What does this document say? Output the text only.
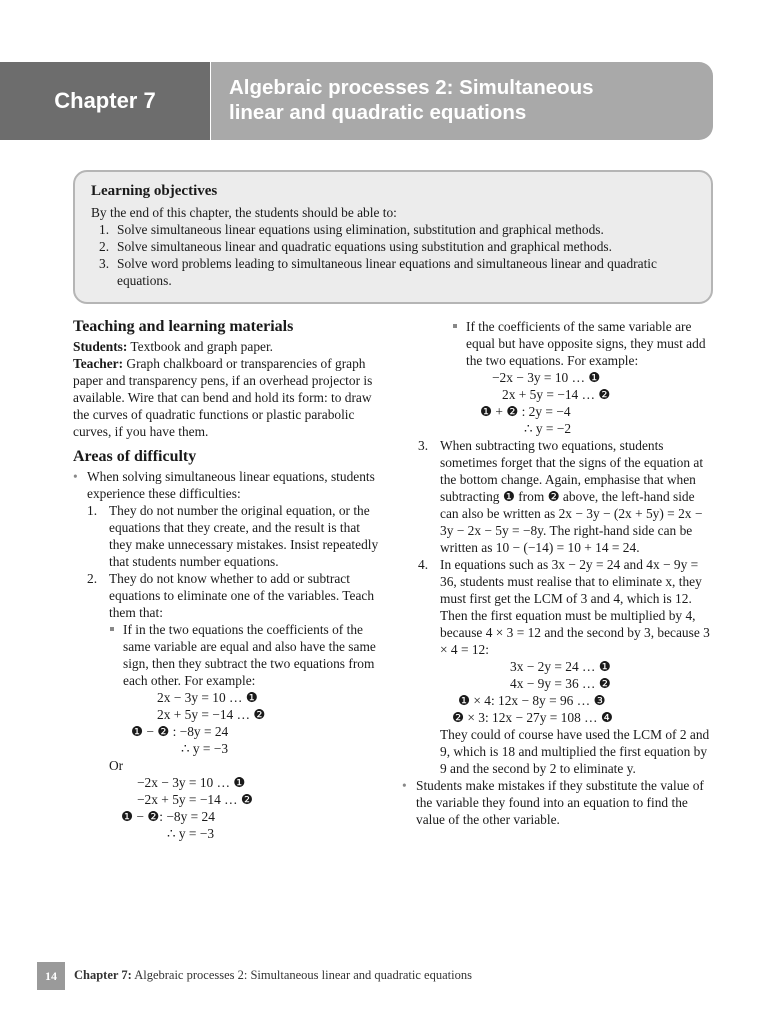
Chapter 7
Algebraic processes 2: Simultaneous
linear and quadratic equations
Learning objectives
By the end of this chapter, the students should be able to:
1. Solve simultaneous linear equations using elimination, substitution and graphical methods.
2. Solve simultaneous linear and quadratic equations using substitution and graphical methods.
3. Solve word problems leading to simultaneous linear equations and simultaneous linear and quadratic equations.
Teaching and learning materials

Students: Textbook and graph paper.

Teacher: Graph chalkboard or transparencies of graph paper and transparency pens, if an overhead projector is available. Wire that can bend and hold its form: to draw the curves of quadratic functions or plastic parabolic curves, if you have them.

Areas of difficulty
• When solving simultaneous linear equations, students experience these difficulties:
1. They do not number the original equation, or the equations that they create, and the result is that they make unnecessary mistakes. Insist repeatedly that students number equations.
2. They do not know whether to add or subtract equations to eliminate one of the variables. Teach them that:
If in the two equations the coefficients of the same variable are equal and also have the same sign, then they subtract the two equations from each other. For example:
2x − 3y = 10 … ❶
2x + 5y = −14 … ❷
❶ − ❷ : −8y = 24
∴ y = −3
Or
−2x − 3y = 10 … ❶
−2x + 5y = −14 … ❷
❶ − ❷: −8y = 24
∴ y = −3
If the coefficients of the same variable are equal but have opposite signs, they must add the two equations. For example:
−2x − 3y = 10 … ❶
2x + 5y = −14 … ❷
❶ + ❷ : 2y = −4
∴ y = −2
3. When subtracting two equations, students sometimes forget that the signs of the equation at the bottom change. Again, emphasise that when subtracting ❶ from ❷ above, the left-hand side can also be written as 2x − 3y − (2x + 5y) = 2x − 3y − 2x − 5y = −8y. The right-hand side can be written as 10 − (−14) = 10 + 14 = 24.
4. In equations such as 3x − 2y = 24 and 4x − 9y = 36, students must realise that to eliminate x, they must first get the LCM of 3 and 4, which is 12. Then the first equation must be multiplied by 4, because 4 × 3 = 12 and the second by 3, because 3 × 4 = 12:
3x − 2y = 24 … ❶
4x − 9y = 36 … ❷
❶ × 4: 12x − 8y = 96 … ❸
❷ × 3: 12x − 27y = 108 … ❹
They could of course have used the LCM of 2 and 9, which is 18 and multiplied the first equation by 9 and the second by 2 to eliminate y.
• Students make mistakes if they substitute the value of the variable they found into an equation to find the value of the other variable.
14	Chapter 7: Algebraic processes 2: Simultaneous linear and quadratic equations
